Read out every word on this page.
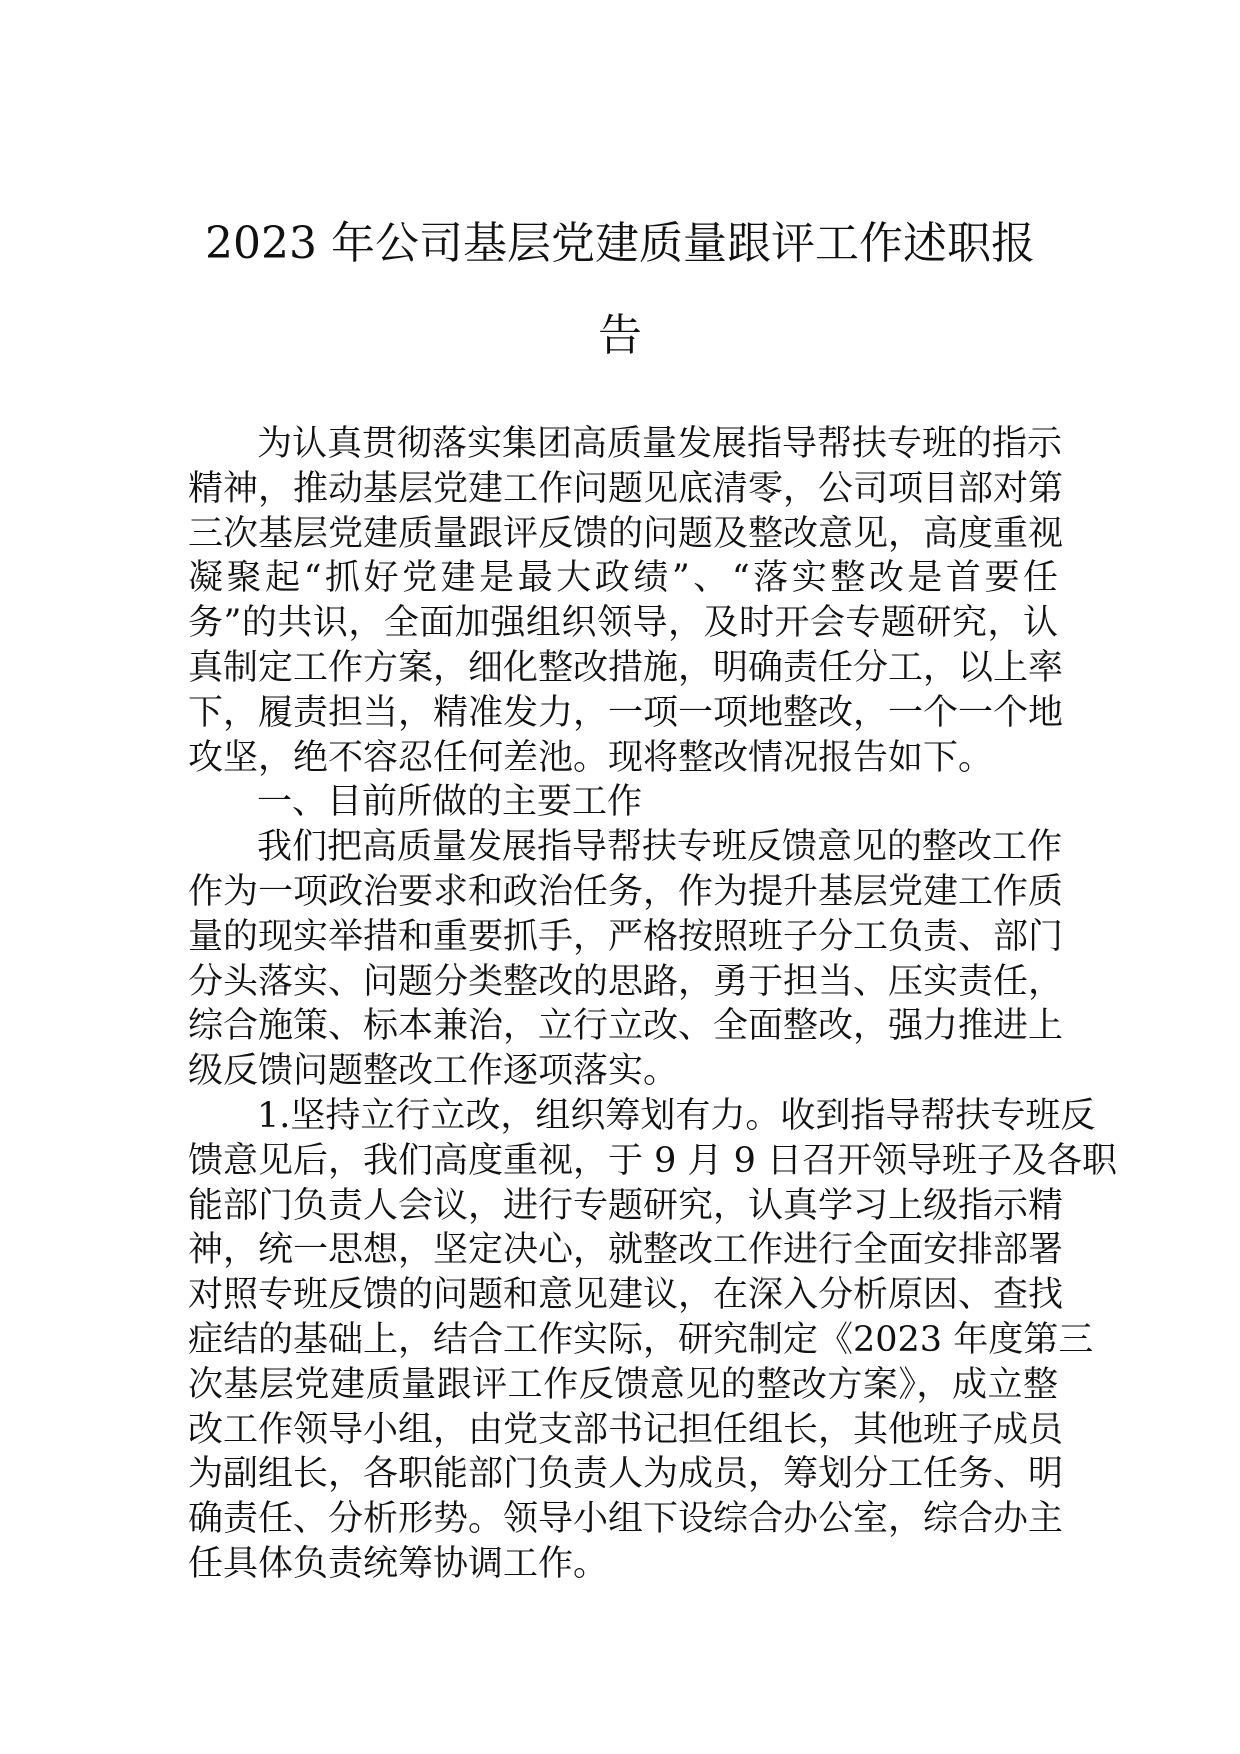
2023 年公司基层党建质量跟评工作述职报
告
为认真贯彻落实集团高质量发展指导帮扶专班的指示
精神，推动基层党建工作问题见底清零，公司项目部对第
三次基层党建质量跟评反馈的问题及整改意见，高度重视
凝聚起“抓好党建是最大政绩”、“落实整改是首要任
务”的共识，全面加强组织领导，及时开会专题研究，认
真制定工作方案，细化整改措施，明确责任分工，以上率
下，履责担当，精准发力，一项一项地整改，一个一个地
攻坚，绝不容忍任何差池。现将整改情况报告如下。
一、目前所做的主要工作
我们把高质量发展指导帮扶专班反馈意见的整改工作
作为一项政治要求和政治任务，作为提升基层党建工作质
量的现实举措和重要抓手，严格按照班子分工负责、部门
分头落实、问题分类整改的思路，勇于担当、压实责任，
综合施策、标本兼治，立行立改、全面整改，强力推进上
级反馈问题整改工作逐项落实。
1.坚持立行立改，组织筹划有力。收到指导帮扶专班反
馈意见后，我们高度重视，于 9 月 9 日召开领导班子及各职
能部门负责人会议，进行专题研究，认真学习上级指示精
神，统一思想，坚定决心，就整改工作进行全面安排部署
对照专班反馈的问题和意见建议，在深入分析原因、查找
症结的基础上，结合工作实际，研究制定《2023 年度第三
次基层党建质量跟评工作反馈意见的整改方案》，成立整
改工作领导小组，由党支部书记担任组长，其他班子成员
为副组长，各职能部门负责人为成员，筹划分工任务、明
确责任、分析形势。领导小组下设综合办公室，综合办主
任具体负责统筹协调工作。
